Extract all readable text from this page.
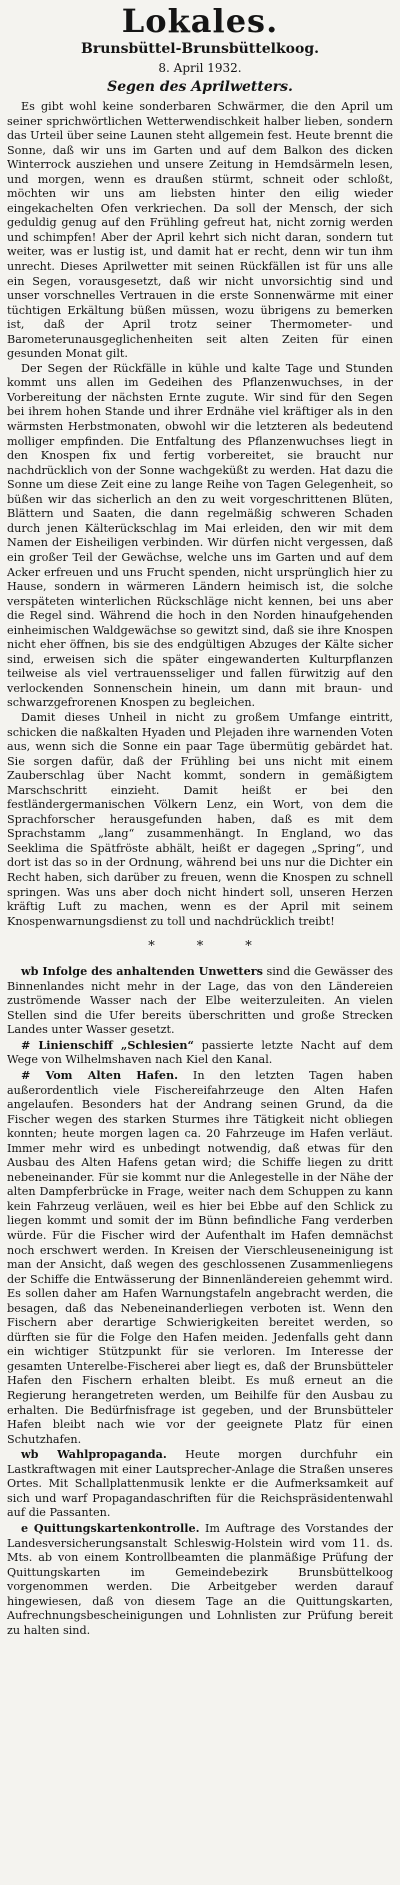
Lokales.
Brunsbüttel-Brunsbüttelkoog.
8. April 1932.
Segen des Aprilwetters.

Es gibt wohl keine sonderbaren Schwärmer, die den April um seiner sprichwörtlichen Wetterwendischkeit halber lieben, sondern das Urteil über seine Launen steht allgemein fest. Heute brennt die Sonne, daß wir uns im Garten und auf dem Balkon des dicken Winterrock ausziehen und unsere Zeitung in Hemdsärmeln lesen, und morgen, wenn es draußen stürmt, schneit oder schloßt, möchten wir uns am liebsten hinter den eilig wieder eingekachelten Ofen verkriechen. Da soll der Mensch, der sich geduldig genug auf den Frühling gefreut hat, nicht zornig werden und schimpfen! Aber der April kehrt sich nicht daran, sondern tut weiter, was er lustig ist, und damit hat er recht, denn wir tun ihm unrecht. Dieses Aprilwetter mit seinen Rückfällen ist für uns alle ein Segen, vorausgesetzt, daß wir nicht unvorsichtig sind und unser vorschnelles Vertrauen in die erste Sonnenwärme mit einer tüchtigen Erkältung büßen müssen, wozu übrigens zu bemerken ist, daß der April trotz seiner Thermometer- und Barometerunausgeglichenheiten seit alten Zeiten für einen gesunden Monat gilt.

Der Segen der Rückfälle in kühle und kalte Tage und Stunden kommt uns allen im Gedeihen des Pflanzenwuchses, in der Vorbereitung der nächsten Ernte zugute. Wir sind für den Segen bei ihrem hohen Stande und ihrer Erdnähe viel kräftiger als in den wärmsten Herbstmonaten, obwohl wir die letzteren als bedeutend molliger empfinden. Die Entfaltung des Pflanzenwuchses liegt in den Knospen fix und fertig vorbereitet, sie braucht nur nachdrücklich von der Sonne wachgeküßt zu werden. Hat dazu die Sonne um diese Zeit eine zu lange Reihe von Tagen Gelegenheit, so büßen wir das sicherlich an den zu weit vorgeschrittenen Blüten, Blättern und Saaten, die dann regelmäßig schweren Schaden durch jenen Kälterückschlag im Mai erleiden, den wir mit dem Namen der Eisheiligen verbinden. Wir dürfen nicht vergessen, daß ein großer Teil der Gewächse, welche uns im Garten und auf dem Acker erfreuen und uns Frucht spenden, nicht ursprünglich hier zu Hause, sondern in wärmeren Ländern heimisch ist, die solche verspäteten winterlichen Rückschläge nicht kennen, bei uns aber die Regel sind. Während die hoch in den Norden hinaufgehenden einheimischen Waldgewächse so gewitzt sind, daß sie ihre Knospen nicht eher öffnen, bis sie des endgültigen Abzuges der Kälte sicher sind, erweisen sich die später eingewanderten Kulturpflanzen teilweise als viel vertrauensseliger und fallen fürwitzig auf den verlockenden Sonnenschein hinein, um dann mit braun- und schwarzgefrorenen Knospen zu begleichen.

Damit dieses Unheil in nicht zu großem Umfange eintritt, schicken die naßkalten Hyaden und Plejaden ihre warnenden Voten aus, wenn sich die Sonne ein paar Tage übermütig gebärdet hat. Sie sorgen dafür, daß der Frühling bei uns nicht mit einem Zauberschlag über Nacht kommt, sondern in gemäßigtem Marschschritt einzieht. Damit heißt er bei den festländergermanischen Völkern Lenz, ein Wort, von dem die Sprachforscher herausgefunden haben, daß es mit dem Sprachstamm „lang“ zusammenhängt. In England, wo das Seeklima die Spätfröste abhält, heißt er dagegen „Spring“, und dort ist das so in der Ordnung, während bei uns nur die Dichter ein Recht haben, sich darüber zu freuen, wenn die Knospen zu schnell springen. Was uns aber doch nicht hindert soll, unseren Herzen kräftig Luft zu machen, wenn es der April mit seinem Knospenwarnungsdienst zu toll und nachdrücklich treibt!

*	*	*

wb Infolge des anhaltenden Unwetters sind die Gewässer des Binnenlandes nicht mehr in der Lage, das von den Ländereien zuströmende Wasser nach der Elbe weiterzuleiten. An vielen Stellen sind die Ufer bereits überschritten und große Strecken Landes unter Wasser gesetzt.

# Linienschiff „Schlesien“ passierte letzte Nacht auf dem Wege von Wilhelmshaven nach Kiel den Kanal.

# Vom Alten Hafen. In den letzten Tagen haben außerordentlich viele Fischereifahrzeuge den Alten Hafen angelaufen. Besonders hat der Andrang seinen Grund, da die Fischer wegen des starken Sturmes ihre Tätigkeit nicht obliegen konnten; heute morgen lagen ca. 20 Fahrzeuge im Hafen verläut. Immer mehr wird es unbedingt notwendig, daß etwas für den Ausbau des Alten Hafens getan wird; die Schiffe liegen zu dritt nebeneinander. Für sie kommt nur die Anlegestelle in der Nähe der alten Dampferbrücke in Frage, weiter nach dem Schuppen zu kann kein Fahrzeug verläuen, weil es hier bei Ebbe auf den Schlick zu liegen kommt und somit der im Bünn befindliche Fang verderben würde. Für die Fischer wird der Aufenthalt im Hafen demnächst noch erschwert werden. In Kreisen der Vierschleuseneinigung ist man der Ansicht, daß wegen des geschlossenen Zusammenliegens der Schiffe die Entwässerung der Binnenländereien gehemmt wird. Es sollen daher am Hafen Warnungstafeln angebracht werden, die besagen, daß das Nebeneinanderliegen verboten ist. Wenn den Fischern aber derartige Schwierigkeiten bereitet werden, so dürften sie für die Folge den Hafen meiden. Jedenfalls geht dann ein wichtiger Stützpunkt für sie verloren. Im Interesse der gesamten Unterelbe-Fischerei aber liegt es, daß der Brunsbütteler Hafen den Fischern erhalten bleibt. Es muß erneut an die Regierung herangetreten werden, um Beihilfe für den Ausbau zu erhalten. Die Bedürfnisfrage ist gegeben, und der Brunsbütteler Hafen bleibt nach wie vor der geeignete Platz für einen Schutzhafen.

wb Wahlpropaganda. Heute morgen durchfuhr ein Lastkraftwagen mit einer Lautsprecher-Anlage die Straßen unseres Ortes. Mit Schallplattenmusik lenkte er die Aufmerksamkeit auf sich und warf Propagandaschriften für die Reichspräsidentenwahl auf die Passanten.

e Quittungskartenkontrolle. Im Auftrage des Vorstandes der Landesversicherungsanstalt Schleswig-Holstein wird vom 11. ds. Mts. ab von einem Kontrollbeamten die planmäßige Prüfung der Quittungskarten im Gemeindebezirk Brunsbüttelkoog vorgenommen werden. Die Arbeitgeber werden darauf hingewiesen, daß von diesem Tage an die Quittungskarten, Aufrechnungsbescheinigungen und Lohnlisten zur Prüfung bereit zu halten sind.
